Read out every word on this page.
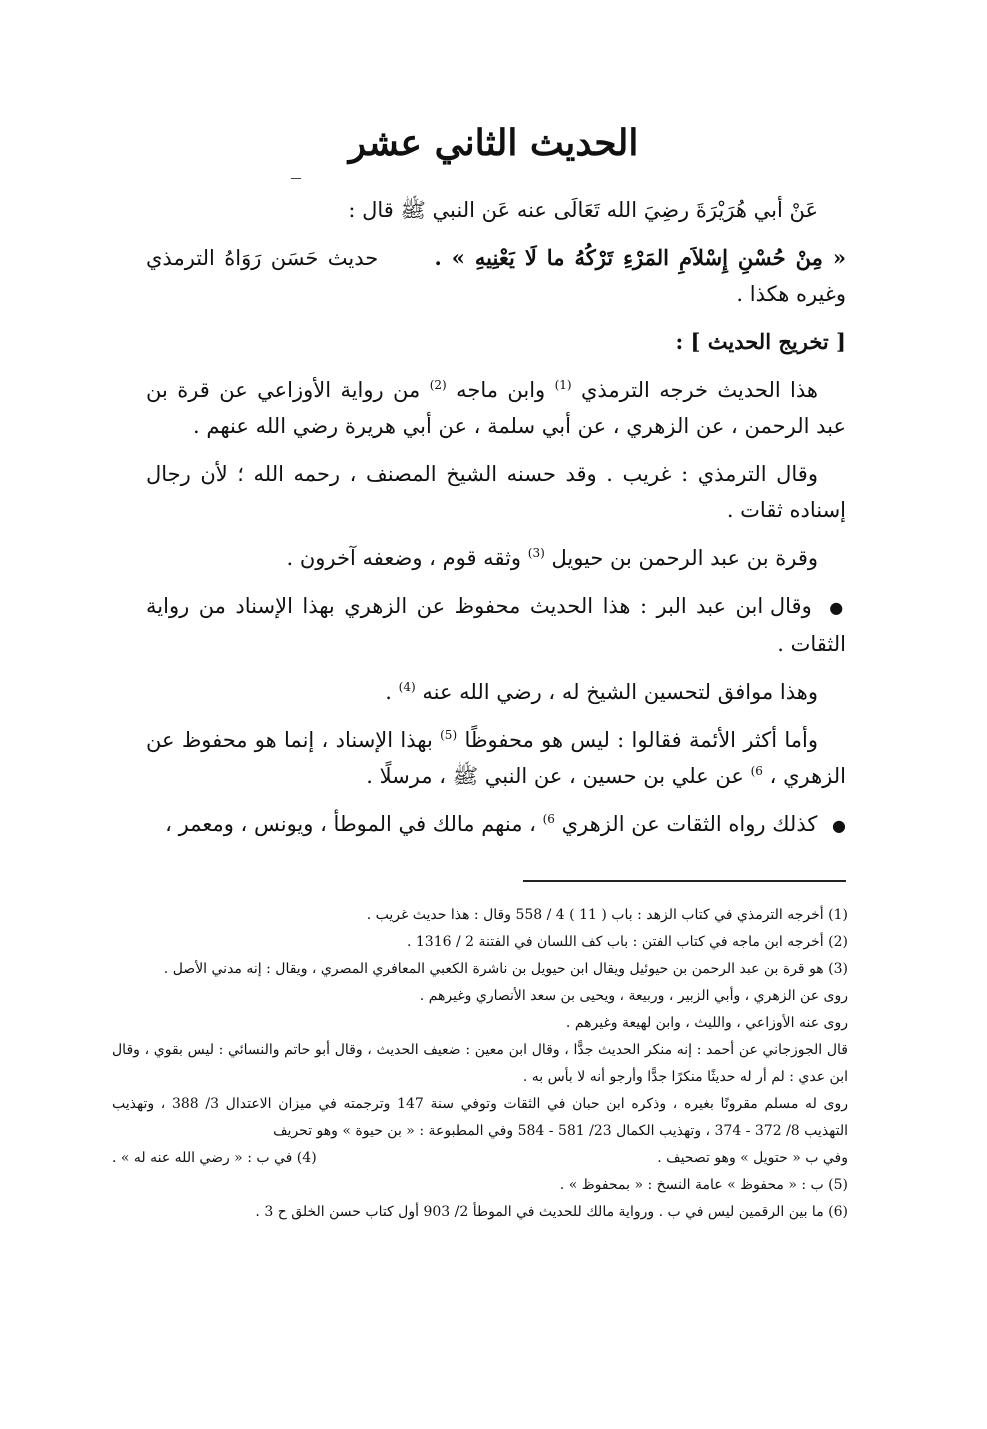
الحديث الثاني عشر

عَنْ أبي هُرَيْرَةَ رضِيَ الله تَعَالَى عنه عَن النبي ﷺ قال :

« مِنْ حُسْنِ إِسْلاَمِ المَرْءِ تَرْكُهُ ما لَا يَعْنِيهِ » .      حديث حَسَن رَوَاهُ الترمذي وغيره هكذا .

[ تخريج الحديث ] :

هذا الحديث خرجه الترمذي $^{(1)}$ وابن ماجه $^{(2)}$ من رواية الأوزاعي عن قرة بن عبد الرحمن ، عن الزهري ، عن أبي سلمة ، عن أبي هريرة رضي الله عنهم .

وقال الترمذي : غريب . وقد حسنه الشيخ المصنف ، رحمه الله ؛ لأن رجال إسناده ثقات .

وقرة بن عبد الرحمن بن حيويل $^{(3)}$ وثقه قوم ، وضعفه آخرون .

● وقال ابن عبد البر : هذا الحديث محفوظ عن الزهري بهذا الإسناد من رواية الثقات .

وهذا موافق لتحسين الشيخ له ، رضي الله عنه $^{(4)}$ .

وأما أكثر الأئمة فقالوا : ليس هو محفوظًا $^{(5)}$ بهذا الإسناد ، إنما هو محفوظ عن الزهري ، $^{6)}$ عن علي بن حسين ، عن النبي ﷺ ، مرسلًا .

● كذلك رواه الثقات عن الزهري $^{6)}$ ، منهم مالك في الموطأ ، ويونس ، ومعمر ،

(1) أخرجه الترمذي في كتاب الزهد : باب ( 11 ) 4 / 558 وقال : هذا حديث غريب .

(2) أخرجه ابن ماجه في كتاب الفتن : باب كف اللسان في الفتنة 2 / 1316 .

(3) هو قرة بن عبد الرحمن بن حيوئيل ويقال ابن حيويل بن ناشرة الكعبي المعافري المصري ، ويقال : إنه مدني الأصل .

روى عن الزهري ، وأبي الزبير ، وربيعة ، ويحيى بن سعد الأنصاري وغيرهم .

روى عنه الأوزاعي ، والليث ، وابن لهيعة وغيرهم .

قال الجوزجاني عن أحمد : إنه منكر الحديث جدًّا ، وقال ابن معين : ضعيف الحديث ، وقال أبو حاتم والنسائي : ليس بقوي ، وقال ابن عدي : لم أر له حديثًا منكرًا جدًّا وأرجو أنه لا بأس به .

روى له مسلم مقرونًا بغيره ، وذكره ابن حبان في الثقات وتوفي سنة 147 وترجمته في ميزان الاعتدال 3/ 388 ، وتهذيب التهذيب 8/ 372 - 374 ، وتهذيب الكمال 23/ 581 - 584 وفي المطبوعة : « بن حيوة » وهو تحريف

وفي ب « حتويل » وهو تصحيف .
(4) في ب : « رضي الله عنه له » .

(5) ب : « محفوظ » عامة النسخ : « بمحفوظ » .

(6) ما بين الرقمين ليس في ب . ورواية مالك للحديث في الموطأ 2/ 903 أول كتاب حسن الخلق ح 3 .
